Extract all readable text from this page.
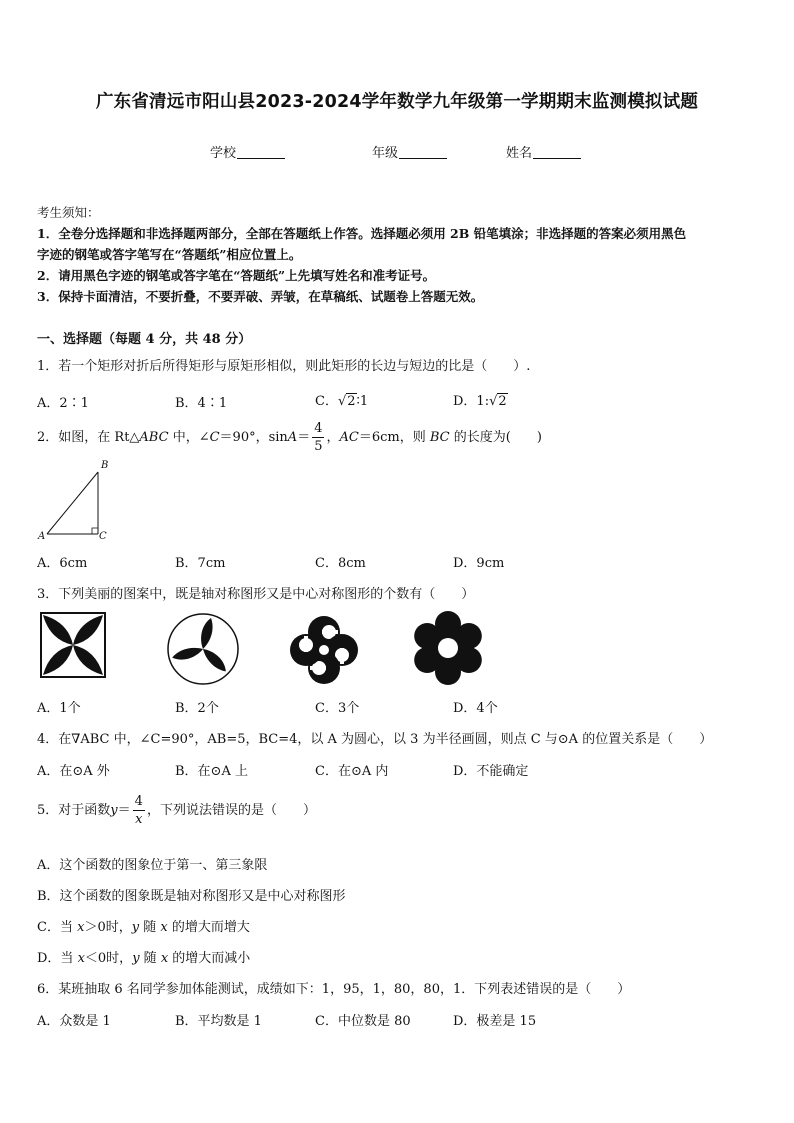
广东省清远市阳山县2023-2024学年数学九年级第一学期期末监测模拟试题
学校	年级	姓名
考生须知：
1．全卷分选择题和非选择题两部分，全部在答题纸上作答。选择题必须用 2B 铅笔填涂；非选择题的答案必须用黑色
字迹的钢笔或答字笔写在“答题纸”相应位置上。
2．请用黑色字迹的钢笔或答字笔在“答题纸”上先填写姓名和准考证号。
3．保持卡面清洁，不要折叠，不要弄破、弄皱，在草稿纸、试题卷上答题无效。
一、选择题（每题 4 分，共 48 分）
1．若一个矩形对折后所得矩形与原矩形相似，则此矩形的长边与短边的比是（　　）.
A．2∶1	B．4∶1	C．√2∶1	D．1:√2
2．如图，在 Rt△ABC 中，∠C＝90°，$\sin A= \frac{4}{5}$ ，AC＝6cm，则 BC 的长度为(　　)
B
A	C
A．6cm	B．7cm	C．8cm	D．9cm
3．下列美丽的图案中，既是轴对称图形又是中心对称图形的个数有（　　）
A．1个	B．2个	C．3个	D．4个
4．在∇ABC 中，∠C=90°，AB=5，BC=4，以 A 为圆心，以 3 为半径画圆，则点 C 与⊙A 的位置关系是（　　）
A．在⊙A 外	B．在⊙A 上	C．在⊙A 内	D．不能确定
5．对于函数$y= \frac{4}{x}$ ，下列说法错误的是（　　）
A．这个函数的图象位于第一、第三象限
B．这个函数的图象既是轴对称图形又是中心对称图形
C．当 x＞0时，y 随 x 的增大而增大
D．当 x＜0时，y 随 x 的增大而减小
6．某班抽取 6 名同学参加体能测试，成绩如下：1，95，1，80，80，1．下列表述错误的是（　　）
A．众数是 1	B．平均数是 1	C．中位数是 80	D．极差是 15
